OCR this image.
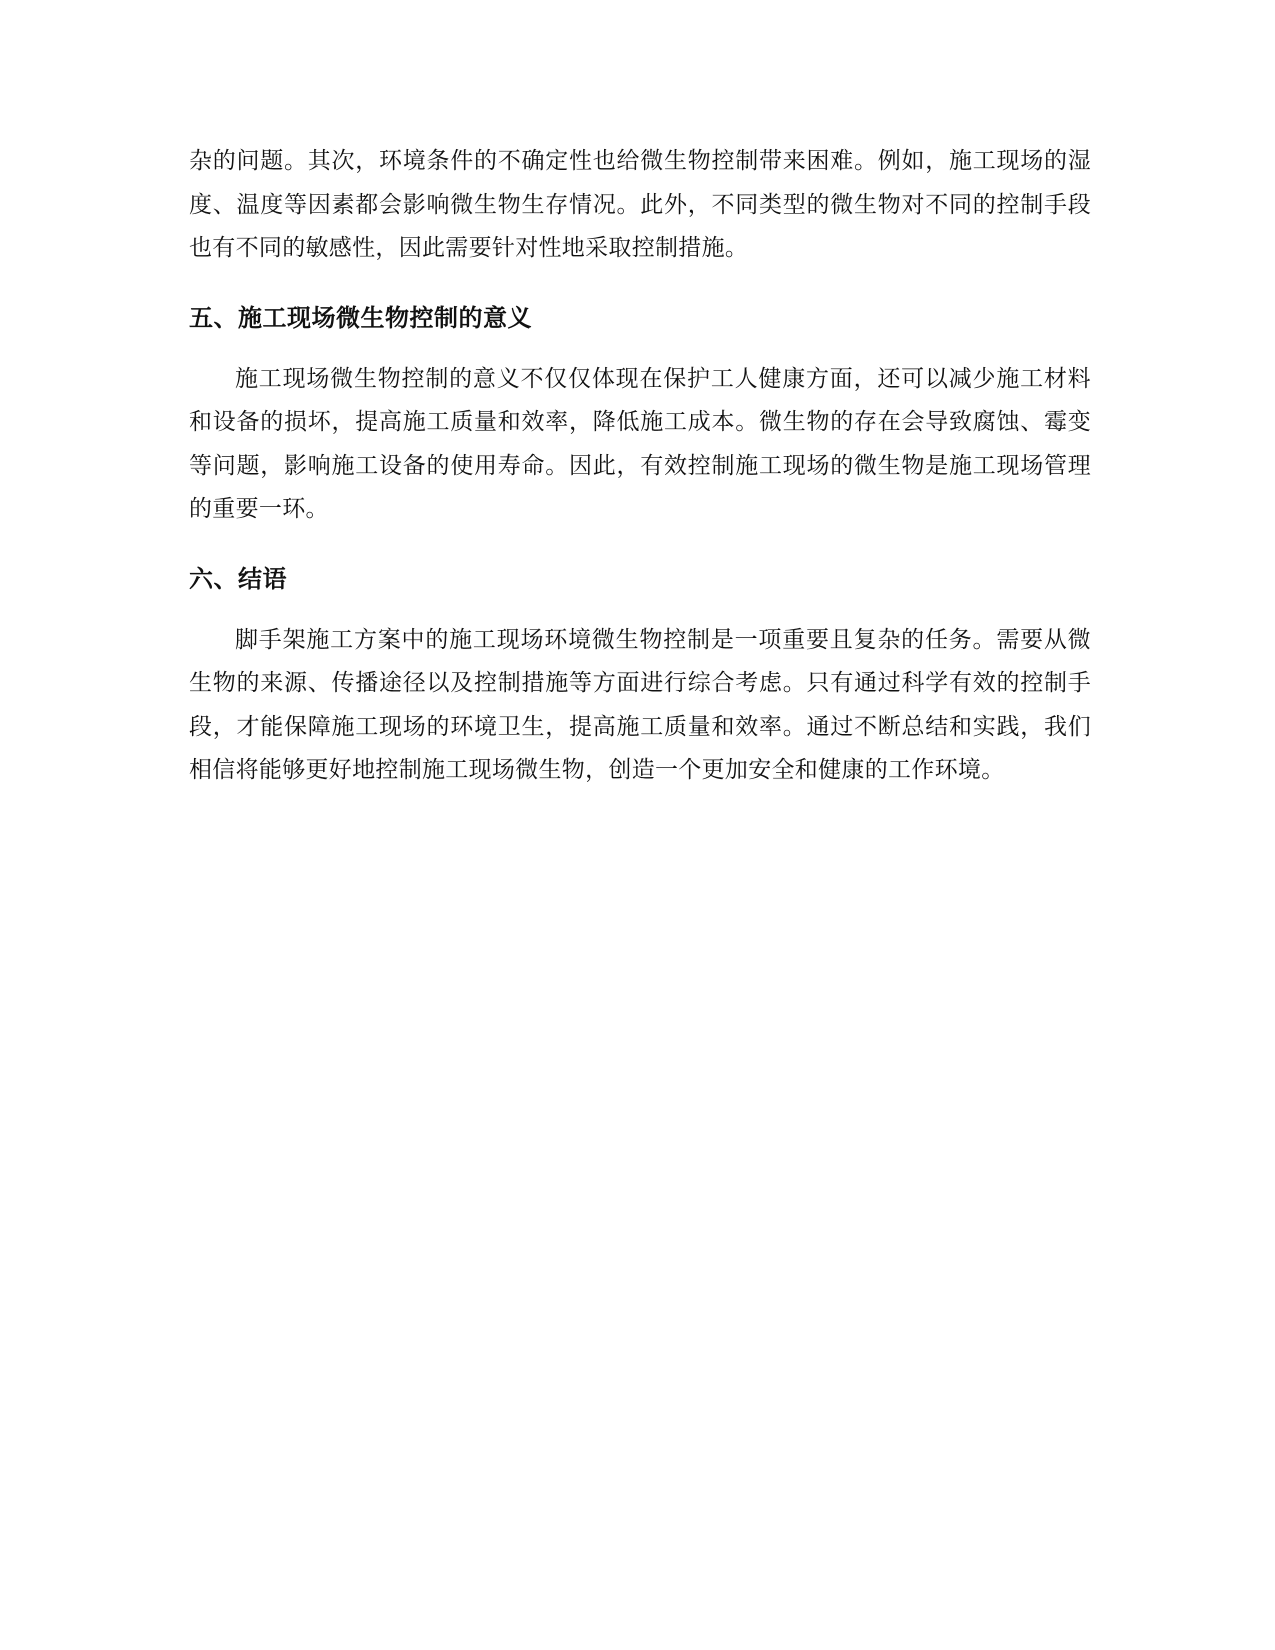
杂的问题。其次，环境条件的不确定性也给微生物控制带来困难。例如，施工现场的湿度、温度等因素都会影响微生物生存情况。此外，不同类型的微生物对不同的控制手段也有不同的敏感性，因此需要针对性地采取控制措施。

五、施工现场微生物控制的意义

施工现场微生物控制的意义不仅仅体现在保护工人健康方面，还可以减少施工材料和设备的损坏，提高施工质量和效率，降低施工成本。微生物的存在会导致腐蚀、霉变等问题，影响施工设备的使用寿命。因此，有效控制施工现场的微生物是施工现场管理的重要一环。

六、结语

脚手架施工方案中的施工现场环境微生物控制是一项重要且复杂的任务。需要从微生物的来源、传播途径以及控制措施等方面进行综合考虑。只有通过科学有效的控制手段，才能保障施工现场的环境卫生，提高施工质量和效率。通过不断总结和实践，我们相信将能够更好地控制施工现场微生物，创造一个更加安全和健康的工作环境。
